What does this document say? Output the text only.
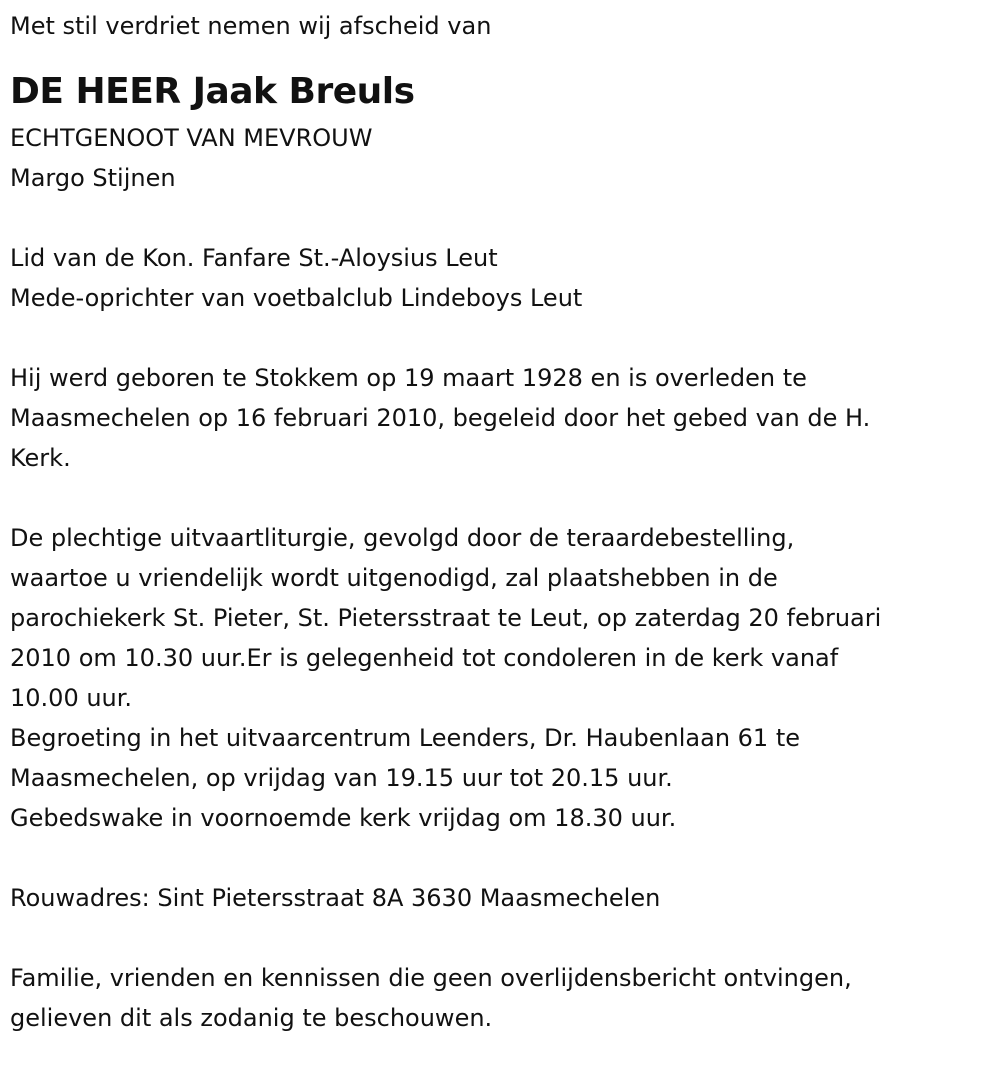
Met stil verdriet nemen wij afscheid van
DE HEER Jaak Breuls
ECHTGENOOT VAN MEVROUW
Margo Stijnen
Lid van de Kon. Fanfare St.-Aloysius Leut
Mede-oprichter van voetbalclub Lindeboys Leut
Hij werd geboren te Stokkem op 19 maart 1928 en is overleden te
Maasmechelen op 16 februari 2010, begeleid door het gebed van de H.
Kerk.
De plechtige uitvaartliturgie, gevolgd door de teraardebestelling,
waartoe u vriendelijk wordt uitgenodigd, zal plaatshebben in de
parochiekerk St. Pieter, St. Pietersstraat te Leut, op zaterdag 20 februari
2010 om 10.30 uur.Er is gelegenheid tot condoleren in de kerk vanaf
10.00 uur.
Begroeting in het uitvaarcentrum Leenders, Dr. Haubenlaan 61 te
Maasmechelen, op vrijdag van 19.15 uur tot 20.15 uur.
Gebedswake in voornoemde kerk vrijdag om 18.30 uur.
Rouwadres: Sint Pietersstraat 8A 3630 Maasmechelen
Familie, vrienden en kennissen die geen overlijdensbericht ontvingen,
gelieven dit als zodanig te beschouwen.
